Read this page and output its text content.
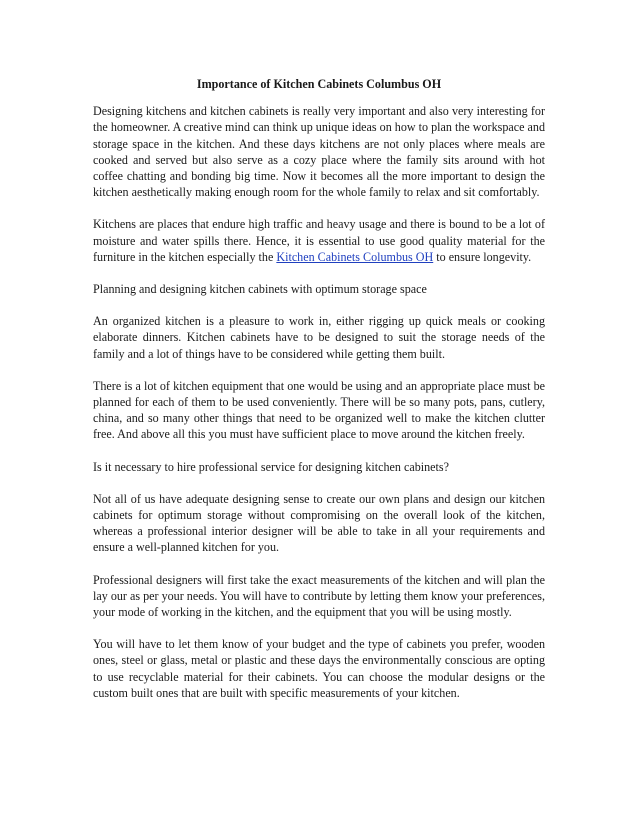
Importance of Kitchen Cabinets Columbus OH

Designing kitchens and kitchen cabinets is really very important and also very interesting for the homeowner. A creative mind can think up unique ideas on how to plan the workspace and storage space in the kitchen. And these days kitchens are not only places where meals are cooked and served but also serve as a cozy place where the family sits around with hot coffee chatting and bonding big time. Now it becomes all the more important to design the kitchen aesthetically making enough room for the whole family to relax and sit comfortably.

Kitchens are places that endure high traffic and heavy usage and there is bound to be a lot of moisture and water spills there. Hence, it is essential to use good quality material for the furniture in the kitchen especially the Kitchen Cabinets Columbus OH to ensure longevity.

Planning and designing kitchen cabinets with optimum storage space

An organized kitchen is a pleasure to work in, either rigging up quick meals or cooking elaborate dinners. Kitchen cabinets have to be designed to suit the storage needs of the family and a lot of things have to be considered while getting them built.

There is a lot of kitchen equipment that one would be using and an appropriate place must be planned for each of them to be used conveniently. There will be so many pots, pans, cutlery, china, and so many other things that need to be organized well to make the kitchen clutter free. And above all this you must have sufficient place to move around the kitchen freely.

Is it necessary to hire professional service for designing kitchen cabinets?

Not all of us have adequate designing sense to create our own plans and design our kitchen cabinets for optimum storage without compromising on the overall look of the kitchen, whereas a professional interior designer will be able to take in all your requirements and ensure a well-planned kitchen for you.

Professional designers will first take the exact measurements of the kitchen and will plan the lay our as per your needs. You will have to contribute by letting them know your preferences, your mode of working in the kitchen, and the equipment that you will be using mostly.

You will have to let them know of your budget and the type of cabinets you prefer, wooden ones, steel or glass, metal or plastic and these days the environmentally conscious are opting to use recyclable material for their cabinets. You can choose the modular designs or the custom built ones that are built with specific measurements of your kitchen.
